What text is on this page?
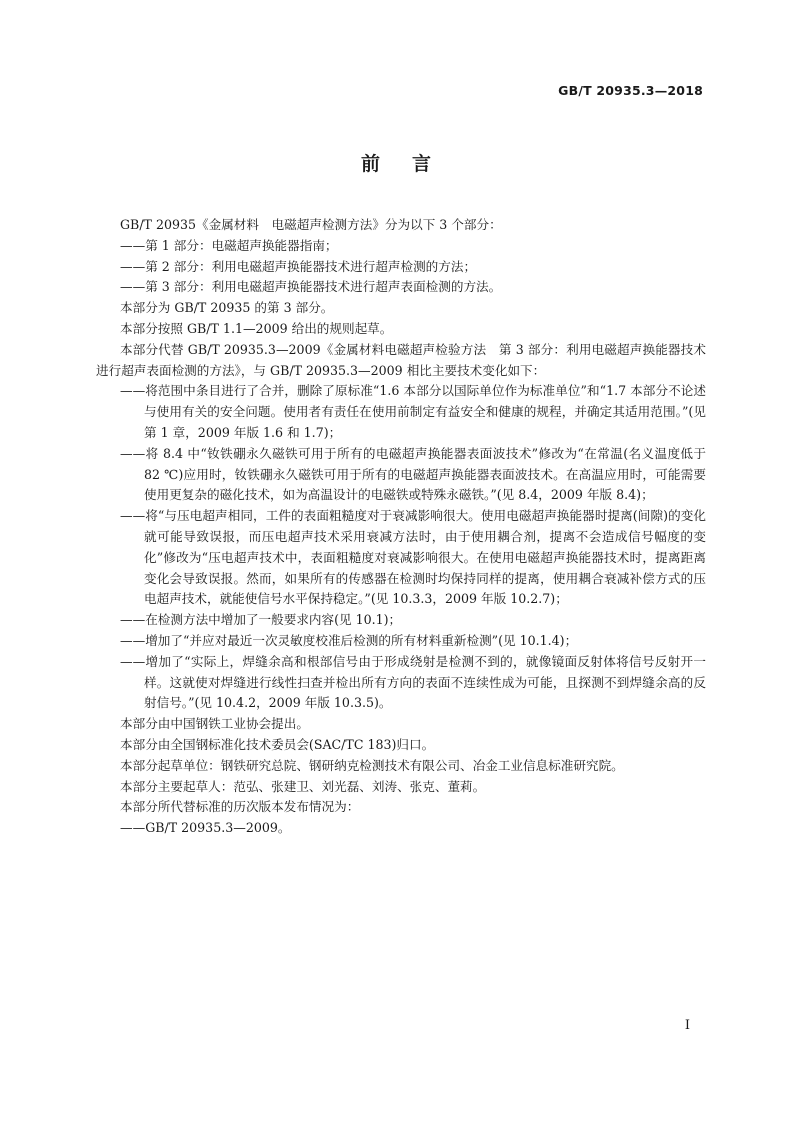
GB/T 20935.3—2018
前 言

GB/T 20935《金属材料　电磁超声检测方法》分为以下 3 个部分：

——第 1 部分：电磁超声换能器指南；

——第 2 部分：利用电磁超声换能器技术进行超声检测的方法；

——第 3 部分：利用电磁超声换能器技术进行超声表面检测的方法。

本部分为 GB/T 20935 的第 3 部分。

本部分按照 GB/T 1.1—2009 给出的规则起草。

本部分代替 GB/T 20935.3—2009《金属材料电磁超声检验方法　第 3 部分：利用电磁超声换能器技术进行超声表面检测的方法》，与 GB/T 20935.3—2009 相比主要技术变化如下：

——将范围中条目进行了合并，删除了原标准“1.6 本部分以国际单位作为标准单位”和“1.7 本部分不论述与使用有关的安全问题。使用者有责任在使用前制定有益安全和健康的规程，并确定其适用范围。”(见第 1 章，2009 年版 1.6 和 1.7)；

——将 8.4 中“钕铁硼永久磁铁可用于所有的电磁超声换能器表面波技术”修改为“在常温(名义温度低于 82 ℃)应用时，钕铁硼永久磁铁可用于所有的电磁超声换能器表面波技术。在高温应用时，可能需要使用更复杂的磁化技术，如为高温设计的电磁铁或特殊永磁铁。”(见 8.4，2009 年版 8.4)；

——将“与压电超声相同，工件的表面粗糙度对于衰减影响很大。使用电磁超声换能器时提离(间隙)的变化就可能导致误报，而压电超声技术采用衰减方法时，由于使用耦合剂，提离不会造成信号幅度的变化”修改为“压电超声技术中，表面粗糙度对衰减影响很大。在使用电磁超声换能器技术时，提离距离变化会导致误报。然而，如果所有的传感器在检测时均保持同样的提离，使用耦合衰减补偿方式的压电超声技术，就能使信号水平保持稳定。”(见 10.3.3，2009 年版 10.2.7)；

——在检测方法中增加了一般要求内容(见 10.1)；

——增加了“并应对最近一次灵敏度校准后检测的所有材料重新检测”(见 10.1.4)；

——增加了“实际上，焊缝余高和根部信号由于形成绕射是检测不到的，就像镜面反射体将信号反射开一样。这就使对焊缝进行线性扫查并检出所有方向的表面不连续性成为可能，且探测不到焊缝余高的反射信号。”(见 10.4.2，2009 年版 10.3.5)。

本部分由中国钢铁工业协会提出。

本部分由全国钢标准化技术委员会(SAC/TC 183)归口。

本部分起草单位：钢铁研究总院、钢研纳克检测技术有限公司、冶金工业信息标准研究院。

本部分主要起草人：范弘、张建卫、刘光磊、刘涛、张克、董莉。

本部分所代替标准的历次版本发布情况为：

——GB/T 20935.3—2009。

I
